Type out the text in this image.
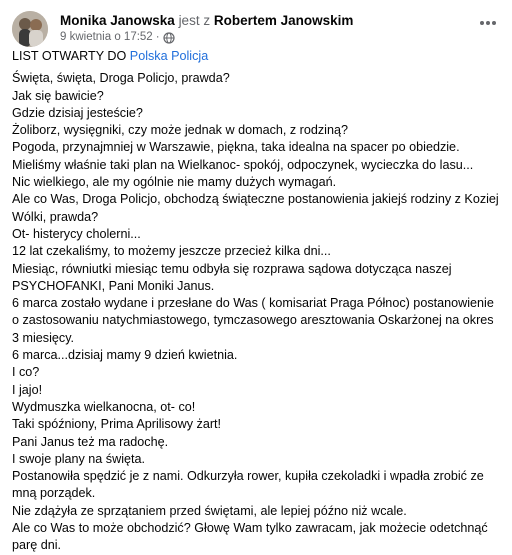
Monika Janowska jest z Robertem Janowskim
9 kwietnia o 17:52 ·

LIST OTWARTY DO Polska Policja

Święta, święta, Droga Policjo, prawda?

Jak się bawicie?

Gdzie dzisiaj jesteście?

Żoliborz, wysięgniki, czy może jednak w domach, z rodziną?

Pogoda, przynajmniej w Warszawie, piękna, taka idealna na spacer po obiedzie.

Mieliśmy właśnie taki plan na Wielkanoc- spokój, odpoczynek, wycieczka do lasu...

Nic wielkiego, ale my ogólnie nie mamy dużych wymagań.

Ale co Was, Droga Policjo, obchodzą świąteczne postanowienia jakiejś rodziny z Koziej Wólki, prawda?

Ot- histerycy cholerni...

12 lat czekaliśmy, to możemy jeszcze przecież kilka dni...

Miesiąc, równiutki miesiąc temu odbyła się rozprawa sądowa dotycząca naszej PSYCHOFANKI, Pani Moniki Janus.

6 marca zostało wydane i przesłane do Was ( komisariat Praga Północ) postanowienie o zastosowaniu natychmiastowego, tymczasowego aresztowania Oskarżonej na okres 3 miesięcy.

6 marca...dzisiaj mamy 9 dzień kwietnia.

I co?

I jajo!

Wydmuszka wielkanocna, ot- co!

Taki spóźniony, Prima Aprilisowy żart!

Pani Janus też ma radochę.

I swoje plany na święta.

Postanowiła spędzić je z nami. Odkurzyła rower, kupiła czekoladki i wpadła zrobić ze mną porządek.

Nie zdążyła ze sprzątaniem przed świętami, ale lepiej późno niż wcale.

Ale co Was to może obchodzić? Głowę Wam tylko zawracam, jak możecie odetchnąć parę dni.
